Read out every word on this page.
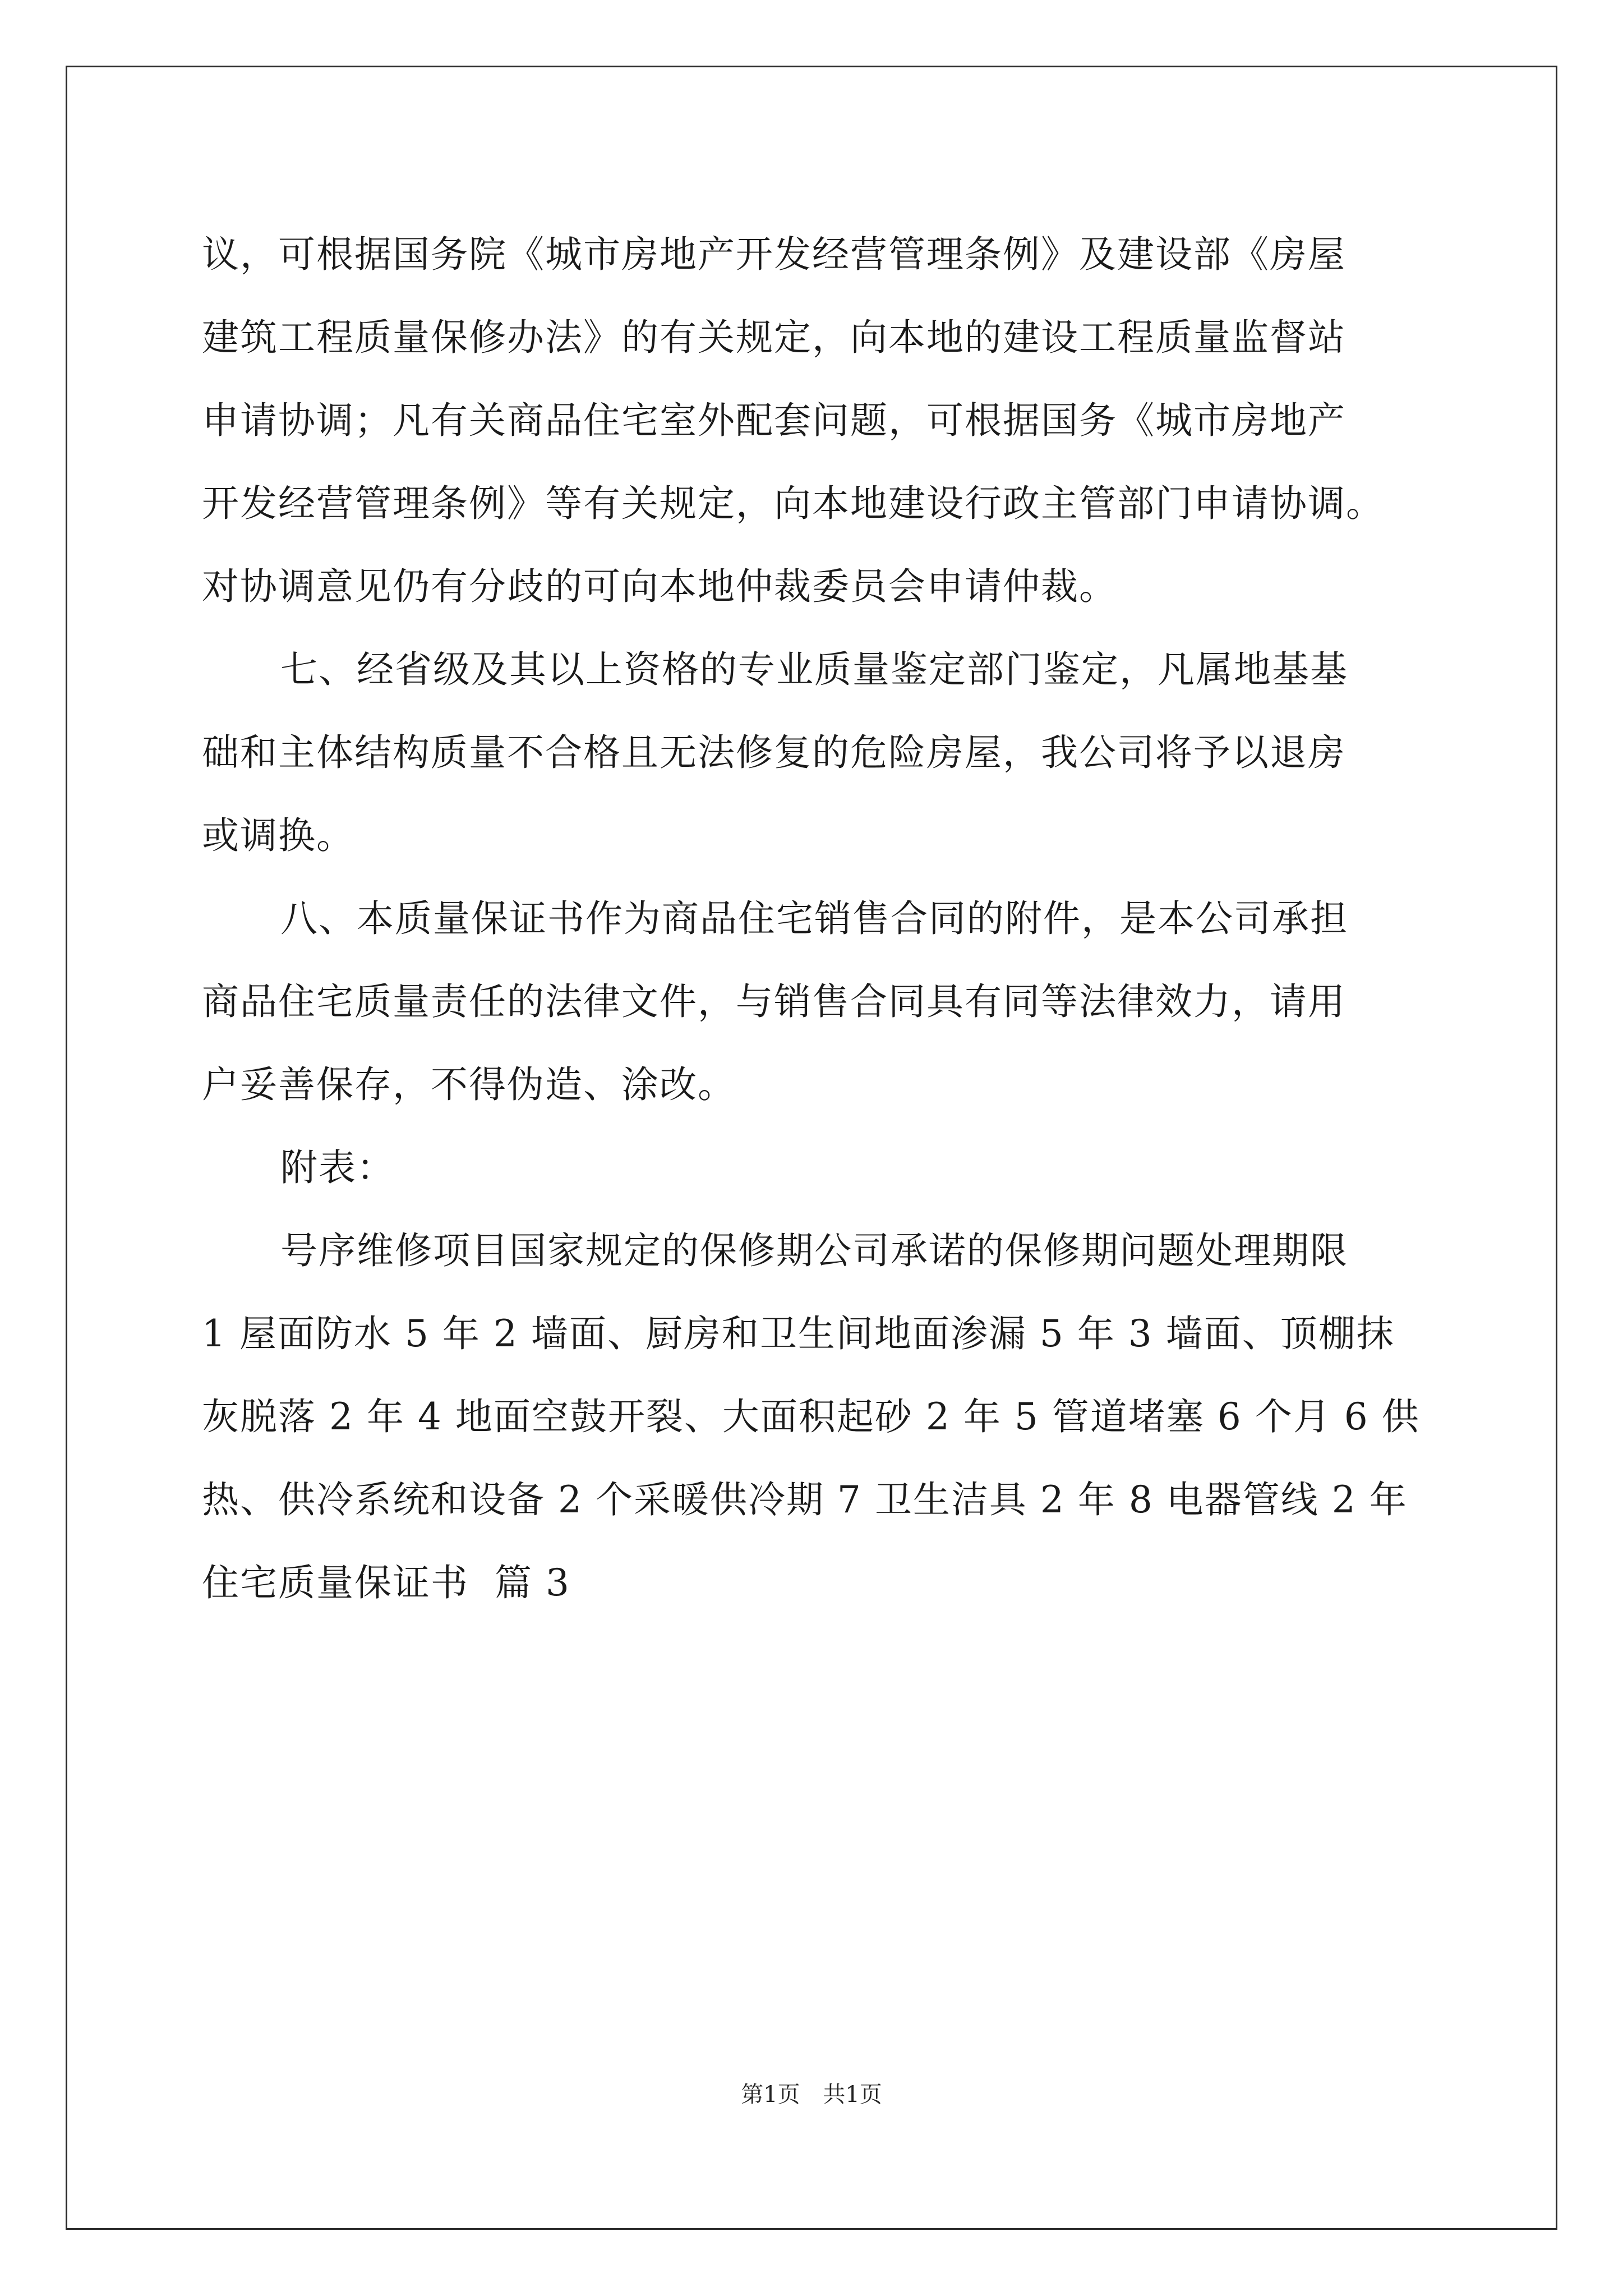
议，可根据国务院《城市房地产开发经营管理条例》及建设部《房屋
建筑工程质量保修办法》的有关规定，向本地的建设工程质量监督站
申请协调；凡有关商品住宅室外配套问题，可根据国务《城市房地产
开发经营管理条例》等有关规定，向本地建设行政主管部门申请协调。
对协调意见仍有分歧的可向本地仲裁委员会申请仲裁。
七、经省级及其以上资格的专业质量鉴定部门鉴定，凡属地基基
础和主体结构质量不合格且无法修复的危险房屋，我公司将予以退房
或调换。
八、本质量保证书作为商品住宅销售合同的附件，是本公司承担
商品住宅质量责任的法律文件，与销售合同具有同等法律效力，请用
户妥善保存，不得伪造、涂改。
附表：
号序维修项目国家规定的保修期公司承诺的保修期问题处理期限
1 屋面防水 5 年 2 墙面、厨房和卫生间地面渗漏 5 年 3 墙面、顶棚抹
灰脱落 2 年 4 地面空鼓开裂、大面积起砂 2 年 5 管道堵塞 6 个月 6 供
热、供冷系统和设备 2 个采暖供冷期 7 卫生洁具 2 年 8 电器管线 2 年
住宅质量保证书  篇 3
第1页 共1页
